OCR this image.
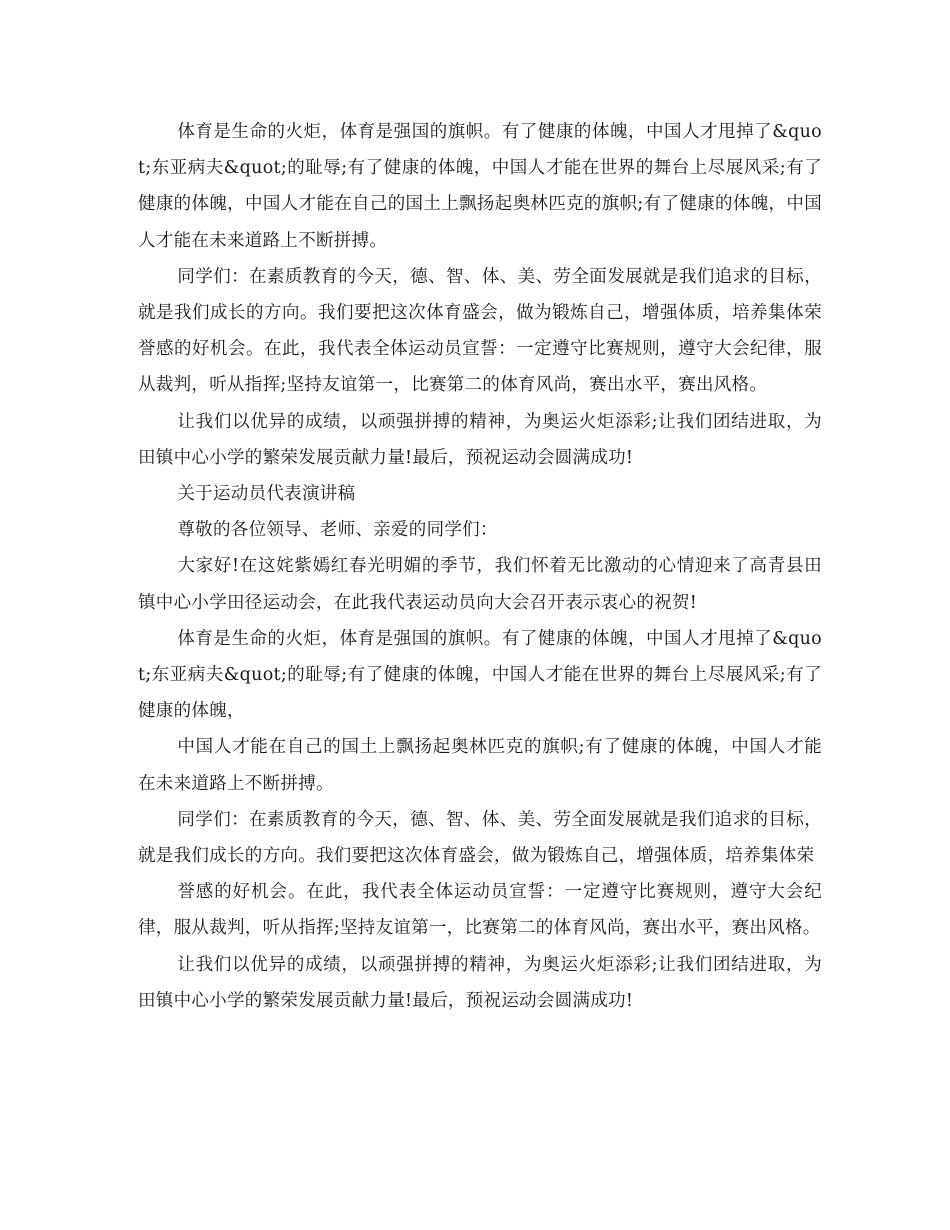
体育是生命的火炬，体育是强国的旗帜。有了健康的体魄，中国人才甩掉了&quot;东亚病夫&quot;的耻辱;有了健康的体魄，中国人才能在世界的舞台上尽展风采;有了健康的体魄，中国人才能在自己的国土上飘扬起奥林匹克的旗帜;有了健康的体魄，中国人才能在未来道路上不断拼搏。

同学们：在素质教育的今天，德、智、体、美、劳全面发展就是我们追求的目标，就是我们成长的方向。我们要把这次体育盛会，做为锻炼自己，增强体质，培养集体荣誉感的好机会。在此，我代表全体运动员宣誓：一定遵守比赛规则，遵守大会纪律，服从裁判，听从指挥;坚持友谊第一，比赛第二的体育风尚，赛出水平，赛出风格。

让我们以优异的成绩，以顽强拼搏的精神，为奥运火炬添彩;让我们团结进取，为田镇中心小学的繁荣发展贡献力量!最后，预祝运动会圆满成功!

关于运动员代表演讲稿

尊敬的各位领导、老师、亲爱的同学们：

大家好!在这姹紫嫣红春光明媚的季节，我们怀着无比激动的心情迎来了高青县田镇中心小学田径运动会，在此我代表运动员向大会召开表示衷心的祝贺!

体育是生命的火炬，体育是强国的旗帜。有了健康的体魄，中国人才甩掉了&quot;东亚病夫&quot;的耻辱;有了健康的体魄，中国人才能在世界的舞台上尽展风采;有了健康的体魄，

中国人才能在自己的国土上飘扬起奥林匹克的旗帜;有了健康的体魄，中国人才能在未来道路上不断拼搏。

同学们：在素质教育的今天，德、智、体、美、劳全面发展就是我们追求的目标，就是我们成长的方向。我们要把这次体育盛会，做为锻炼自己，增强体质，培养集体荣

誉感的好机会。在此，我代表全体运动员宣誓：一定遵守比赛规则，遵守大会纪律，服从裁判，听从指挥;坚持友谊第一，比赛第二的体育风尚，赛出水平，赛出风格。

让我们以优异的成绩，以顽强拼搏的精神，为奥运火炬添彩;让我们团结进取，为田镇中心小学的繁荣发展贡献力量!最后，预祝运动会圆满成功!
